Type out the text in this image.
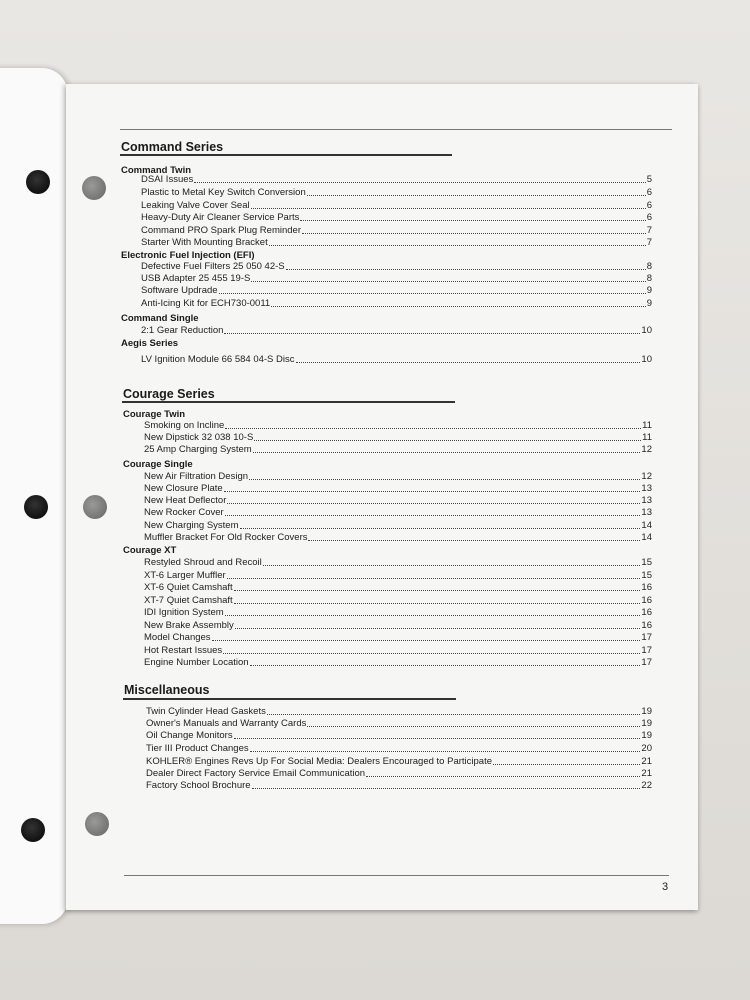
Command Series
Command Twin
DSAI Issues	5
Plastic to Metal Key Switch Conversion	6
Leaking Valve Cover Seal	6
Heavy-Duty Air Cleaner Service Parts	6
Command PRO Spark Plug Reminder	7
Starter With Mounting Bracket	7
Electronic Fuel Injection (EFI)
Defective Fuel Filters 25 050 42-S	8
USB Adapter 25 455 19-S	8
Software Updrade	9
Anti-Icing Kit for ECH730-0011	9
Command Single
2:1 Gear Reduction	10
Aegis Series
LV Ignition Module 66 584 04-S Disc	10
Courage Series
Courage Twin
Smoking on Incline	11
New Dipstick 32 038 10-S	11
25 Amp Charging System	12
Courage Single
New Air Filtration Design	12
New Closure Plate	13
New Heat Deflector	13
New Rocker Cover	13
New Charging System	14
Muffler Bracket For Old Rocker Covers	14
Courage XT
Restyled Shroud and Recoil	15
XT-6 Larger Muffler	15
XT-6 Quiet Camshaft	16
XT-7 Quiet Camshaft	16
IDI Ignition System	16
New Brake Assembly	16
Model Changes	17
Hot Restart Issues	17
Engine Number Location	17
Miscellaneous
Twin Cylinder Head Gaskets	19
Owner's Manuals and Warranty Cards	19
Oil Change Monitors	19
Tier III Product Changes	20
KOHLER® Engines Revs Up For Social Media: Dealers Encouraged to Participate	21
Dealer Direct Factory Service Email Communication	21
Factory School Brochure	22
3
